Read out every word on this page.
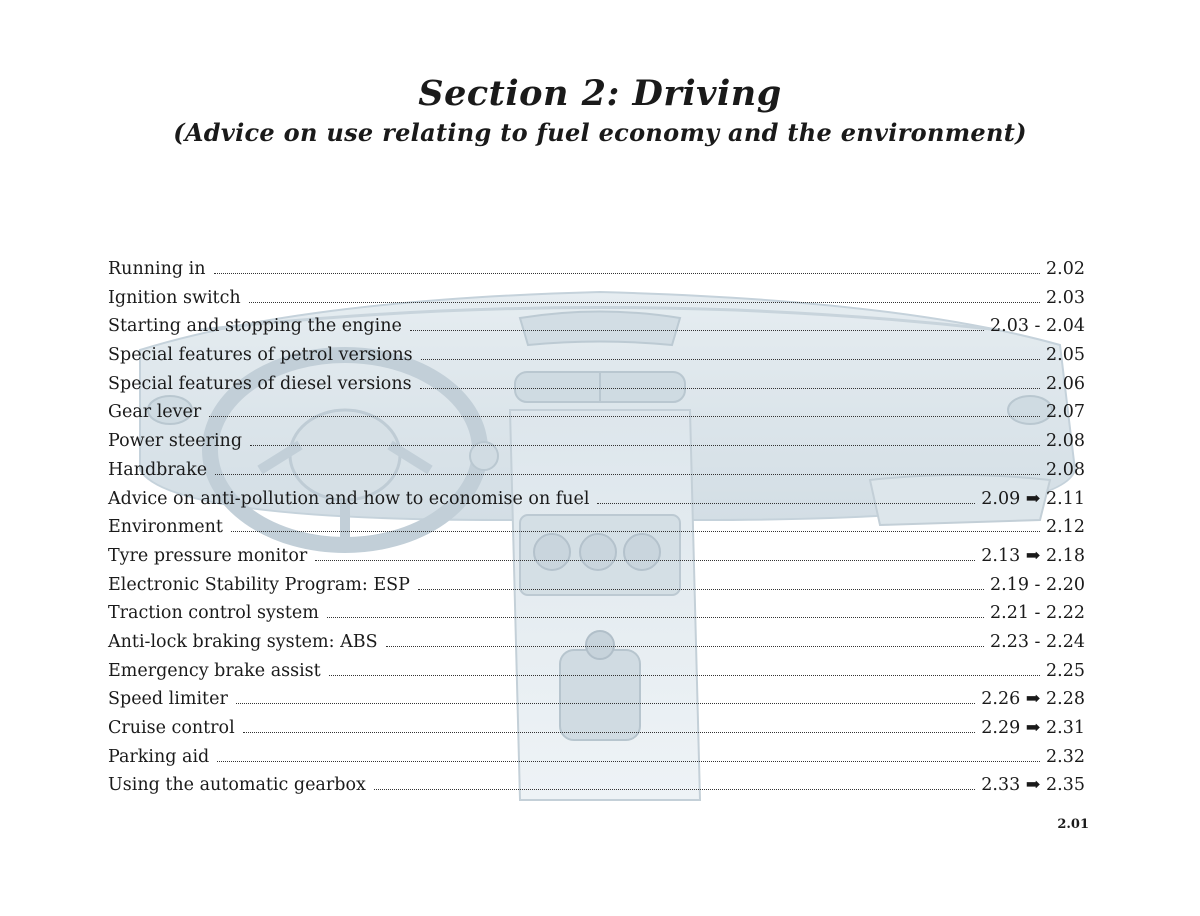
Section 2: Driving
(Advice on use relating to fuel economy and the environment)
Running in	2.02
Ignition switch	2.03
Starting and stopping the engine	2.03 - 2.04
Special features of petrol versions	2.05
Special features of diesel versions	2.06
Gear lever	2.07
Power steering	2.08
Handbrake	2.08
Advice on anti-pollution and how to economise on fuel	2.09 ➡ 2.11
Environment	2.12
Tyre pressure monitor	2.13 ➡ 2.18
Electronic Stability Program: ESP	2.19 - 2.20
Traction control system	2.21 - 2.22
Anti-lock braking system: ABS	2.23 - 2.24
Emergency brake assist	2.25
Speed limiter	2.26 ➡ 2.28
Cruise control	2.29 ➡ 2.31
Parking aid	2.32
Using the automatic gearbox	2.33 ➡ 2.35
2.01
